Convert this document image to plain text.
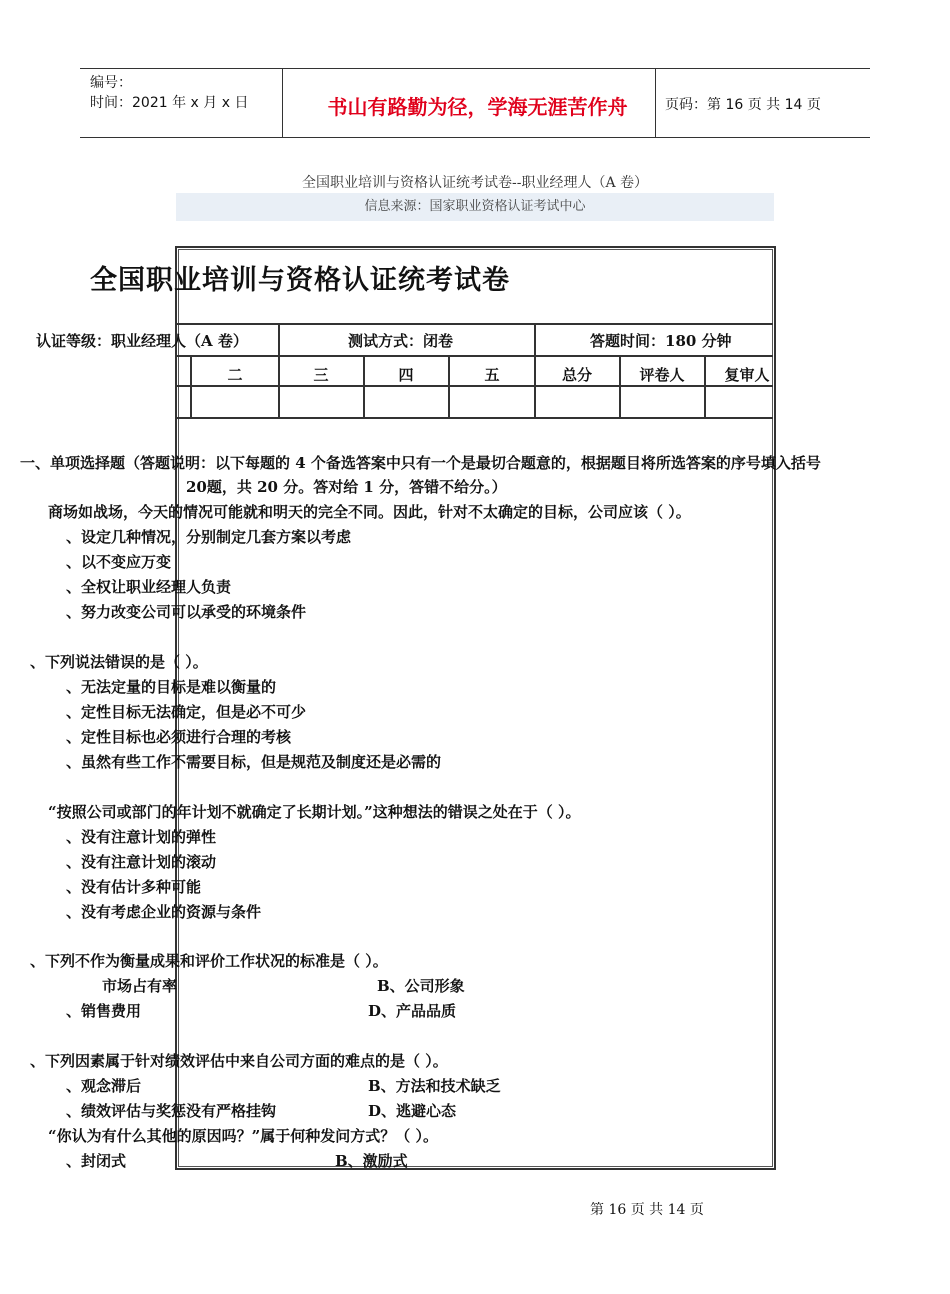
编号：
时间：2021 年 x 月 x 日	书山有路勤为径，学海无涯苦作舟	页码：第 16 页 共 14 页
全国职业培训与资格认证统考试卷--职业经理人（A 卷）
信息来源：国家职业资格认证考试中心
全国职业培训与资格认证统考试卷
认证等级：职业经理人（A 卷）	测试方式：闭卷	答题时间：180 分钟
二	三	四	五	总分	评卷人	复审人
一、单项选择题（答题说明：以下每题的 4 个备选答案中只有一个是最切合题意的，根据题目将所选答案的序号填入括号
20题，共 20 分。答对给 1 分，答错不给分。）
商场如战场，今天的情况可能就和明天的完全不同。因此，针对不太确定的目标，公司应该（ ）。
、设定几种情况，分别制定几套方案以考虑
、以不变应万变
、全权让职业经理人负责
、努力改变公司可以承受的环境条件
、下列说法错误的是（ ）。
、无法定量的目标是难以衡量的
、定性目标无法确定，但是必不可少
、定性目标也必须进行合理的考核
、虽然有些工作不需要目标，但是规范及制度还是必需的
“按照公司或部门的年计划不就确定了长期计划。”这种想法的错误之处在于（ ）。
、没有注意计划的弹性
、没有注意计划的滚动
、没有估计多种可能
、没有考虑企业的资源与条件
、下列不作为衡量成果和评价工作状况的标准是（ ）。
市场占有率	B、公司形象
、销售费用	D、产品品质
、下列因素属于针对绩效评估中来自公司方面的难点的是（ ）。
、观念滞后	B、方法和技术缺乏
、绩效评估与奖惩没有严格挂钩	D、逃避心态
“你认为有什么其他的原因吗？”属于何种发问方式？（ ）。
、封闭式	B、激励式
第 16 页 共 14 页
